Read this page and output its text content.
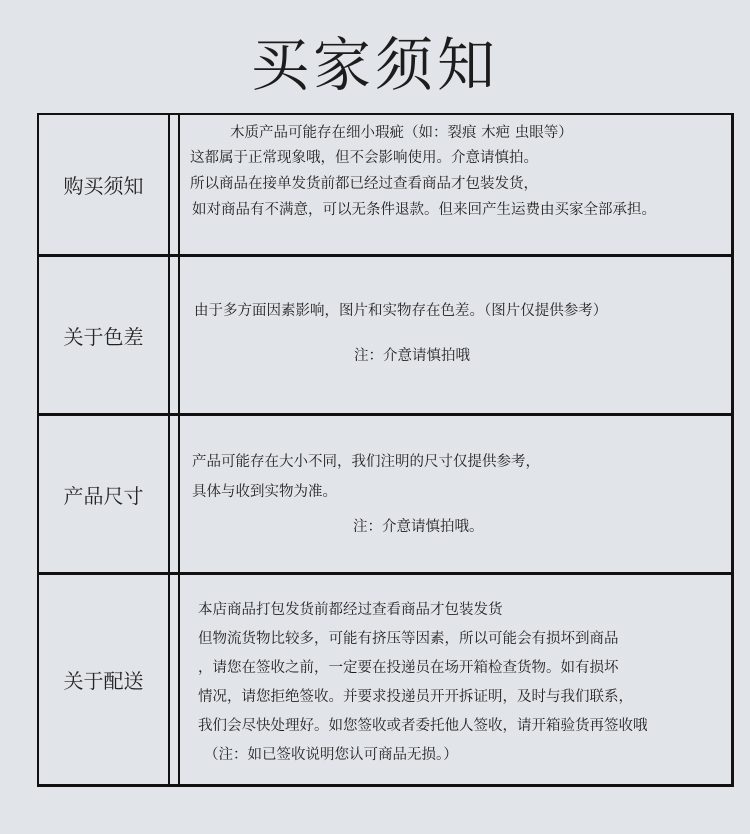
买家须知
购买须知
木质产品可能存在细小瑕疵（如：裂痕 木疤 虫眼等）
这都属于正常现象哦，但不会影响使用。介意请慎拍。
所以商品在接单发货前都已经过查看商品才包装发货，
如对商品有不满意，可以无条件退款。但来回产生运费由买家全部承担。
关于色差
由于多方面因素影响，图片和实物存在色差。（图片仅提供参考）
注：介意请慎拍哦
产品尺寸
产品可能存在大小不同，我们注明的尺寸仅提供参考，
具体与收到实物为准。
注：介意请慎拍哦。
关于配送
本店商品打包发货前都经过查看商品才包装发货
但物流货物比较多，可能有挤压等因素，所以可能会有损坏到商品
，请您在签收之前，一定要在投递员在场开箱检查货物。如有损坏
情况，请您拒绝签收。并要求投递员开开拆证明，及时与我们联系，
我们会尽快处理好。如您签收或者委托他人签收，请开箱验货再签收哦
（注：如已签收说明您认可商品无损。）
